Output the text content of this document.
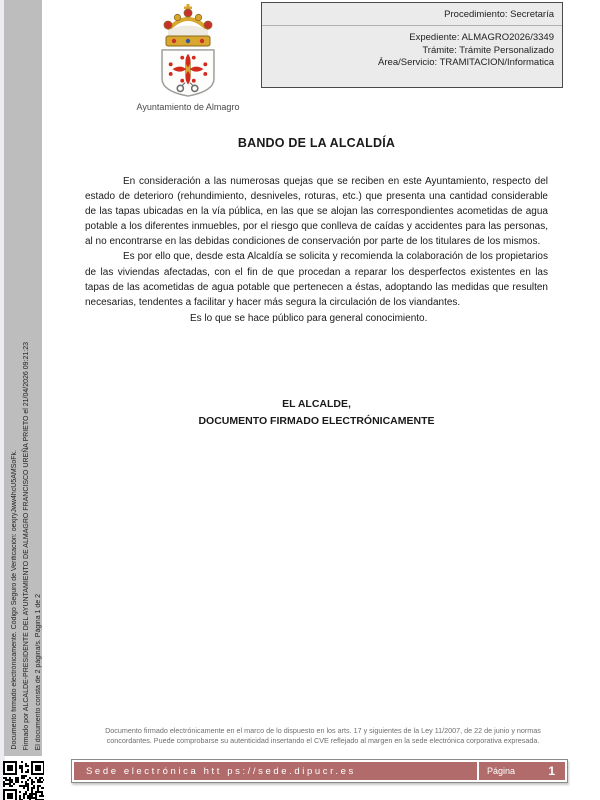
Documento firmado electrónicamente. Código Seguro de Verificación: oexjryJww4hcU5AMSoFk. Firmado por ALCALDE-PRESIDENTE DEL AYUNTAMIENTO DE ALMAGRO FRANCISCO UREÑA PRIETO el 21/04/2026 09:21:23 El documento consta de 2 página/s. Página 1 de 2
Ayuntamiento de Almagro
Procedimiento: Secretaría
Expediente: ALMAGRO2026/3349
Trámite: Trámite Personalizado
Área/Servicio: TRAMITACION/Informatica
BANDO DE LA ALCALDÍA

En consideración a las numerosas quejas que se reciben en este Ayuntamiento, respecto del estado de deterioro (rehundimiento, desniveles, roturas, etc.) que presenta una cantidad considerable de las tapas ubicadas en la vía pública, en las que se alojan las correspondientes acometidas de agua potable a los diferentes inmuebles, por el riesgo que conlleva de caídas y accidentes para las personas, al no encontrarse en las debidas condiciones de conservación por parte de los titulares de los mismos.

Es por ello que, desde esta Alcaldía se solicita y recomienda la colaboración de los propietarios de las viviendas afectadas, con el fin de que procedan a reparar los desperfectos existentes en las tapas de las acometidas de agua potable que pertenecen a éstas, adoptando las medidas que resulten necesarias, tendentes a facilitar y hacer más segura la circulación de los viandantes.

Es lo que se hace público para general conocimiento.
EL ALCALDE,
DOCUMENTO FIRMADO ELECTRÓNICAMENTE
Documento firmado electrónicamente en el marco de lo dispuesto en los arts. 17 y siguientes de la Ley 11/2007, de 22 de junio y normas
concordantes. Puede comprobarse su autenticidad insertando el CVE reflejado al margen en la sede electrónica corporativa expresada.
Sede electrónica htt ps://sede.dipucr.es	Página	1
